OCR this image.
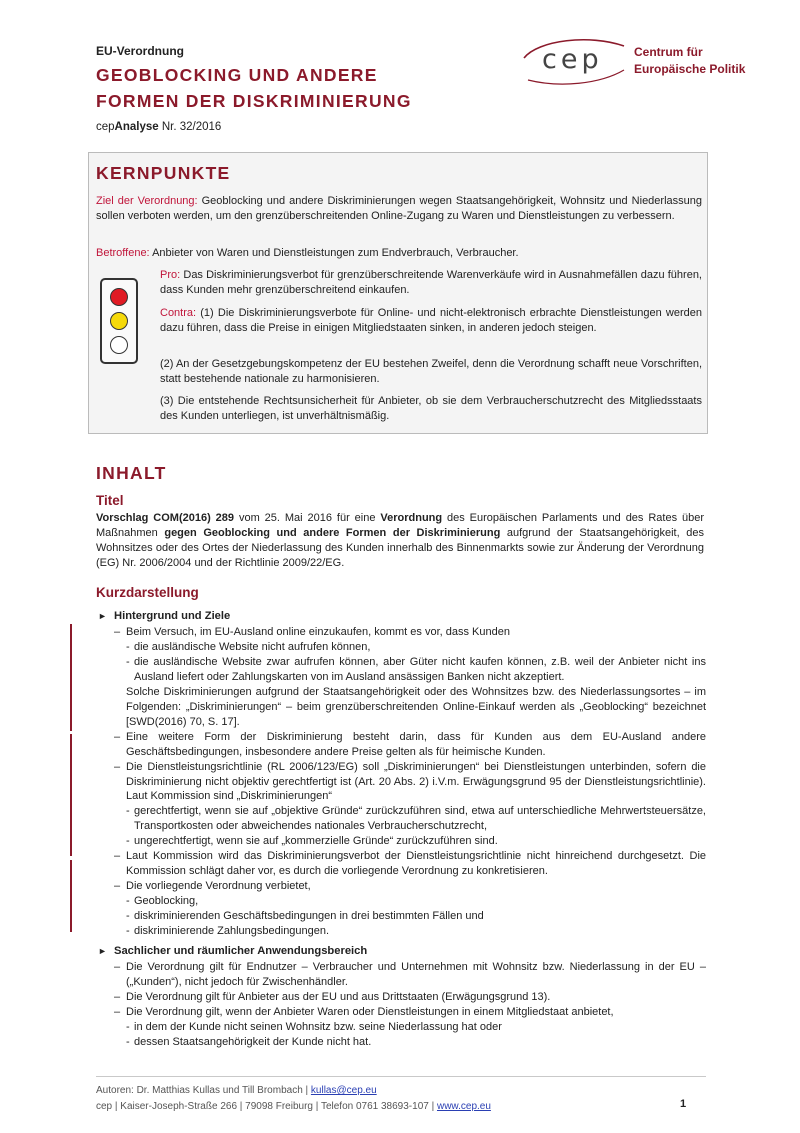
EU-Verordnung
GEOBLOCKING UND ANDERE
FORMEN DER DISKRIMINIERUNG
cepAnalyse Nr. 32/2016
cep	Centrum für
Europäische Politik
KERNPUNKTE
Ziel der Verordnung: Geoblocking und andere Diskriminierungen wegen Staatsangehörigkeit, Wohnsitz und Niederlassung sollen verboten werden, um den grenzüberschreitenden Online-Zugang zu Waren und Dienstleistungen zu verbessern.
Betroffene: Anbieter von Waren und Dienstleistungen zum Endverbrauch, Verbraucher.
Pro: Das Diskriminierungsverbot für grenzüberschreitende Warenverkäufe wird in Ausnahmefällen dazu führen, dass Kunden mehr grenzüberschreitend einkaufen.
Contra: (1) Die Diskriminierungsverbote für Online- und nicht-elektronisch erbrachte Dienstleistungen werden dazu führen, dass die Preise in einigen Mitgliedstaaten sinken, in anderen jedoch steigen.
(2) An der Gesetzgebungskompetenz der EU bestehen Zweifel, denn die Verordnung schafft neue Vorschriften, statt bestehende nationale zu harmonisieren.
(3) Die entstehende Rechtsunsicherheit für Anbieter, ob sie dem Verbraucherschutzrecht des Mitgliedsstaats des Kunden unterliegen, ist unverhältnismäßig.
INHALT
Titel
Vorschlag COM(2016) 289 vom 25. Mai 2016 für eine Verordnung des Europäischen Parlaments und des Rates über Maßnahmen gegen Geoblocking und andere Formen der Diskriminierung aufgrund der Staatsangehörigkeit, des Wohnsitzes oder des Ortes der Niederlassung des Kunden innerhalb des Binnenmarkts sowie zur Änderung der Verordnung (EG) Nr. 2006/2004 und der Richtlinie 2009/22/EG.
Kurzdarstellung
► Hintergrund und Ziele
– Beim Versuch, im EU-Ausland online einzukaufen, kommt es vor, dass Kunden
- die ausländische Website nicht aufrufen können,
- die ausländische Website zwar aufrufen können, aber Güter nicht kaufen können, z.B. weil der Anbieter nicht ins Ausland liefert oder Zahlungskarten von im Ausland ansässigen Banken nicht akzeptiert.
Solche Diskriminierungen aufgrund der Staatsangehörigkeit oder des Wohnsitzes bzw. des Niederlassungsortes – im Folgenden: „Diskriminierungen“ – beim grenzüberschreitenden Online-Einkauf werden als „Geoblocking“ bezeichnet [SWD(2016) 70, S. 17].
– Eine weitere Form der Diskriminierung besteht darin, dass für Kunden aus dem EU-Ausland andere Geschäftsbedingungen, insbesondere andere Preise gelten als für heimische Kunden.
– Die Dienstleistungsrichtlinie (RL 2006/123/EG) soll „Diskriminierungen“ bei Dienstleistungen unterbinden, sofern die Diskriminierung nicht objektiv gerechtfertigt ist (Art. 20 Abs. 2) i.V.m. Erwägungsgrund 95 der Dienstleistungsrichtlinie). Laut Kommission sind „Diskriminierungen“
- gerechtfertigt, wenn sie auf „objektive Gründe“ zurückzuführen sind, etwa auf unterschiedliche Mehrwertsteuersätze, Transportkosten oder abweichendes nationales Verbraucherschutzrecht,
- ungerechtfertigt, wenn sie auf „kommerzielle Gründe“ zurückzuführen sind.
– Laut Kommission wird das Diskriminierungsverbot der Dienstleistungsrichtlinie nicht hinreichend durchgesetzt. Die Kommission schlägt daher vor, es durch die vorliegende Verordnung zu konkretisieren.
– Die vorliegende Verordnung verbietet,
- Geoblocking,
- diskriminierenden Geschäftsbedingungen in drei bestimmten Fällen und
- diskriminierende Zahlungsbedingungen.
► Sachlicher und räumlicher Anwendungsbereich
– Die Verordnung gilt für Endnutzer – Verbraucher und Unternehmen mit Wohnsitz bzw. Niederlassung in der EU – („Kunden“), nicht jedoch für Zwischenhändler.
– Die Verordnung gilt für Anbieter aus der EU und aus Drittstaaten (Erwägungsgrund 13).
– Die Verordnung gilt, wenn der Anbieter Waren oder Dienstleistungen in einem Mitgliedstaat anbietet,
- in dem der Kunde nicht seinen Wohnsitz bzw. seine Niederlassung hat oder
- dessen Staatsangehörigkeit der Kunde nicht hat.
Autoren: Dr. Matthias Kullas und Till Brombach | kullas@cep.eu
cep | Kaiser-Joseph-Straße 266 | 79098 Freiburg | Telefon 0761 38693-107 | www.cep.eu	1
